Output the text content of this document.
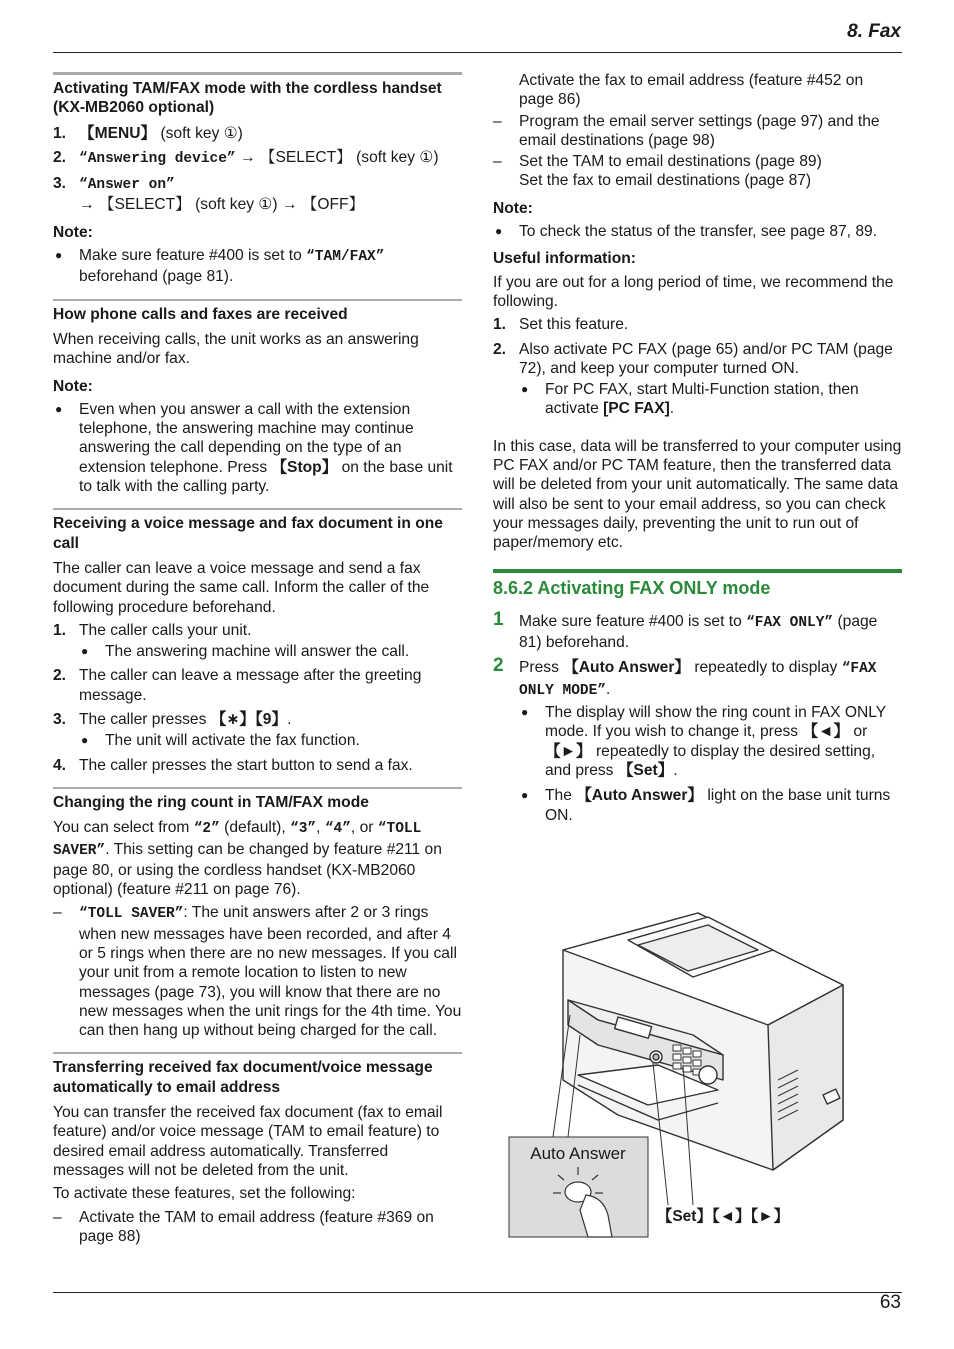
8. Fax
Activating TAM/FAX mode with the cordless handset (KX-MB2060 optional)
1. 【MENU】 (soft key ①)
2. “Answering device” → 【SELECT】 (soft key ①)
3. “Answer on” → 【SELECT】 (soft key ①) → 【OFF】
Note:
● Make sure feature #400 is set to “TAM/FAX” beforehand (page 81).
How phone calls and faxes are received

When receiving calls, the unit works as an answering machine and/or fax.

Note:
● Even when you answer a call with the extension telephone, the answering machine may continue answering the call depending on the type of an extension telephone. Press 【Stop】 on the base unit to talk with the calling party.
Receiving a voice message and fax document in one call

The caller can leave a voice message and send a fax document during the same call. Inform the caller of the following procedure beforehand.

1. The caller calls your unit.
● The answering machine will answer the call.
2. The caller can leave a message after the greeting message.
3. The caller presses 【∗】【9】.
● The unit will activate the fax function.
4. The caller presses the start button to send a fax.
Changing the ring count in TAM/FAX mode

You can select from “2” (default), “3”, “4”, or “TOLL SAVER”. This setting can be changed by feature #211 on page 80, or using the cordless handset (KX-MB2060 optional) (feature #211 on page 76).

– “TOLL SAVER”: The unit answers after 2 or 3 rings when new messages have been recorded, and after 4 or 5 rings when there are no new messages. If you call your unit from a remote location to listen to new messages (page 73), you will know that there are no new messages when the unit rings for the 4th time. You can then hang up without being charged for the call.
Transferring received fax document/voice message automatically to email address

You can transfer the received fax document (fax to email feature) and/or voice message (TAM to email feature) to desired email address automatically. Transferred messages will not be deleted from the unit.

To activate these features, set the following:

– Activate the TAM to email address (feature #369 on page 88)
Activate the fax to email address (feature #452 on page 86)
– Program the email server settings (page 97) and the email destinations (page 98)
– Set the TAM to email destinations (page 89)
Set the fax to email destinations (page 87)
Note:
● To check the status of the transfer, see page 87, 89.
Useful information:

If you are out for a long period of time, we recommend the following.

1. Set this feature.
2. Also activate PC FAX (page 65) and/or PC TAM (page 72), and keep your computer turned ON.
● For PC FAX, start Multi-Function station, then activate [PC FAX].

In this case, data will be transferred to your computer using PC FAX and/or PC TAM feature, then the transferred data will be deleted from your unit automatically. The same data will also be sent to your email address, so you can check your messages daily, preventing the unit to run out of paper/memory etc.

8.6.2 Activating FAX ONLY mode
1 Make sure feature #400 is set to “FAX ONLY” (page 81) beforehand.
2 Press 【Auto Answer】 repeatedly to display “FAX ONLY MODE”.
● The display will show the ring count in FAX ONLY mode. If you wish to change it, press 【◄】 or 【►】 repeatedly to display the desired setting, and press 【Set】.
● The 【Auto Answer】 light on the base unit turns ON.
Auto Answer
【Set】【◄】【►】
63
